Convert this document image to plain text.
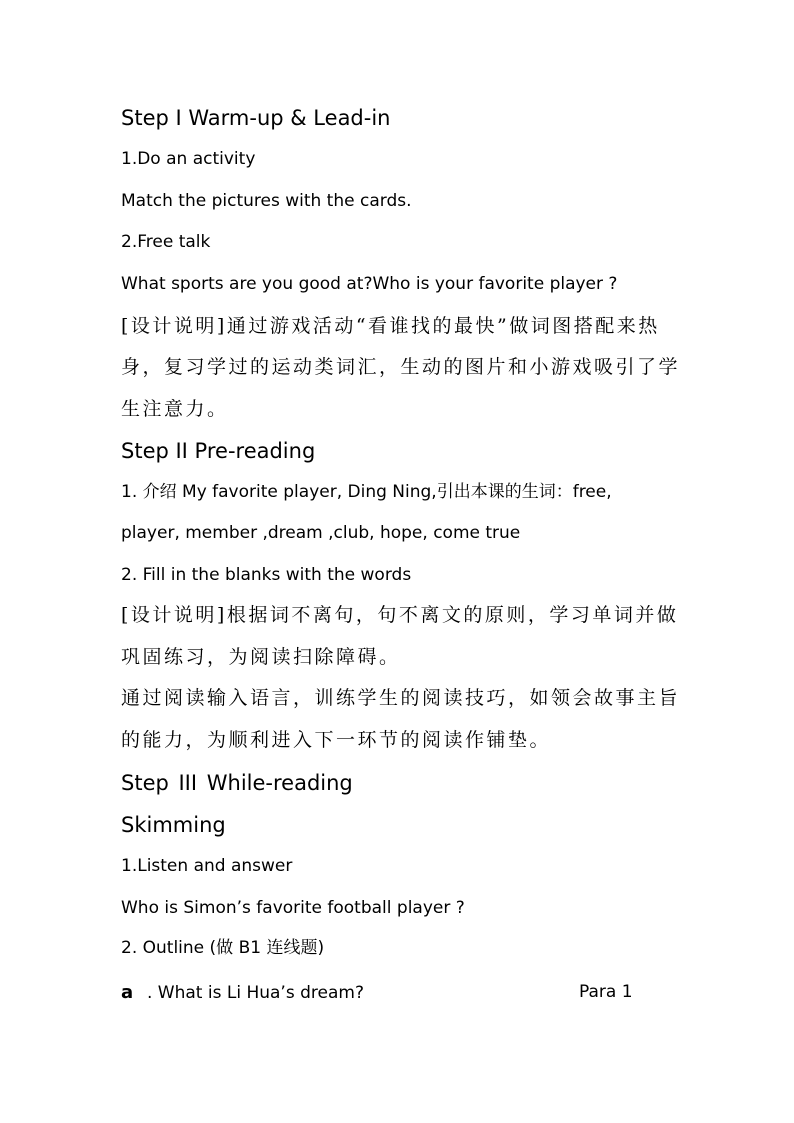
Step I Warm-up & Lead-in
1.Do an activity
Match the pictures with the cards.
2.Free talk
What sports are you good at?Who is your favorite player ?
[设计说明]通过游戏活动“看谁找的最快”做词图搭配来热
身，复习学过的运动类词汇，生动的图片和小游戏吸引了学
生注意力。
Step II Pre-reading
1. 介绍 My favorite player, Ding Ning,引出本课的生词：free,
player, member ,dream ,club, hope, come true
2. Fill in the blanks with the words
[设计说明]根据词不离句，句不离文的原则，学习单词并做
巩固练习，为阅读扫除障碍。
通过阅读输入语言，训练学生的阅读技巧，如领会故事主旨
的能力，为顺利进入下一环节的阅读作铺垫。
Step III While-reading
Skimming
1.Listen and answer
Who is Simon’s favorite football player ?
2. Outline (做 B1 连线题)
a . What is Li Hua’s dream?	Para 1
